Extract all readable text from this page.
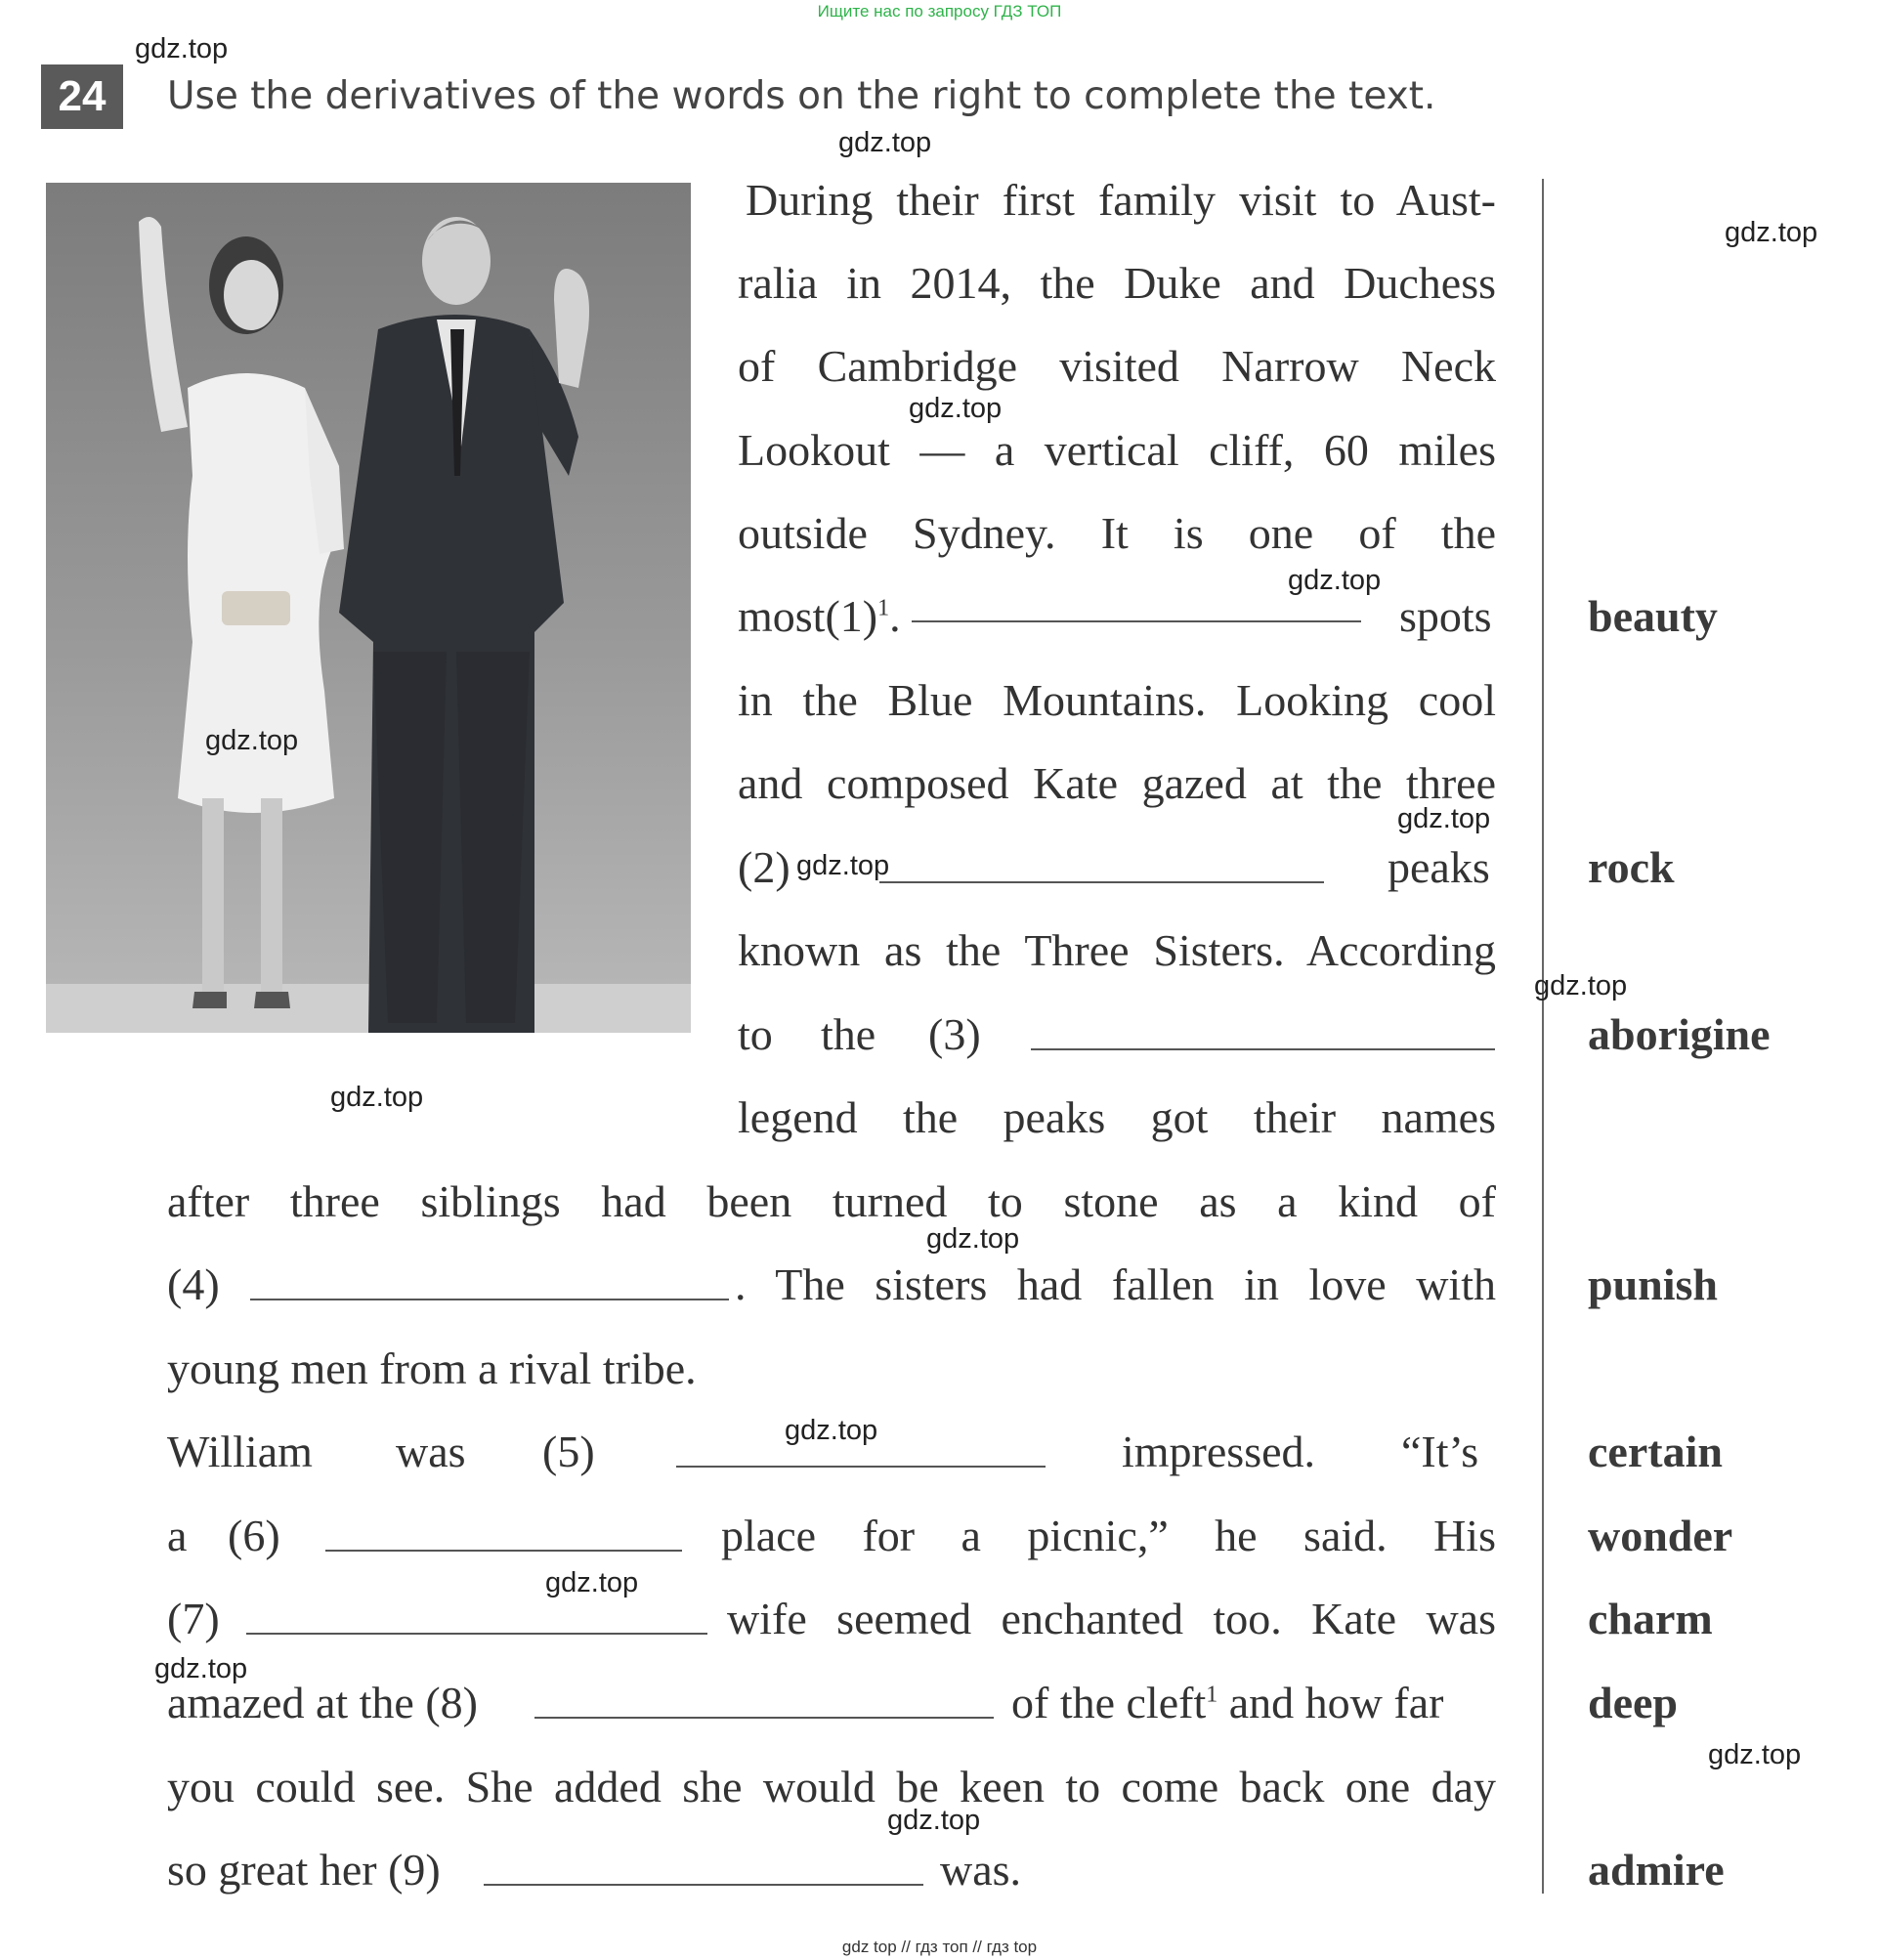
Ищите нас по запросу ГДЗ ТОП
gdz.top
24	Use the derivatives of the words on the right to complete the text.
During their first family visit to Aust-
ralia in 2014, the Duke and Duchess
of Cambridge visited Narrow Neck
Lookout — a vertical cliff, 60 miles
outside Sydney. It is one of the
$most(1)^1$.	spots
in the Blue Mountains. Looking cool
and composed Kate gazed at the three
(2)	peaks
known as the Three Sisters. According
to the (3)
legend the peaks got their names
after three siblings had been turned to stone as a kind of
(4)	. The sisters had fallen in love with
young men from a rival tribe.
William was (5)	impressed. “It’s
a (6)	place for a picnic,” he said. His
(7)	wife seemed enchanted too. Kate was
amazed at the (8)	of the cleft$^1$ and how far
you could see. She added she would be keen to come back one day
so great her (9)	was.
beauty
rock
aborigine
punish
certain
wonder
charm
deep
admire
gdz.top
gdz.top
gdz.top
gdz.top
gdz.top
gdz.top
gdz.top
gdz.top
gdz.top
gdz.top
gdz.top
gdz.top
gdz.top
gdz.top
gdz.top
gdz top // гдз топ // гдз top
